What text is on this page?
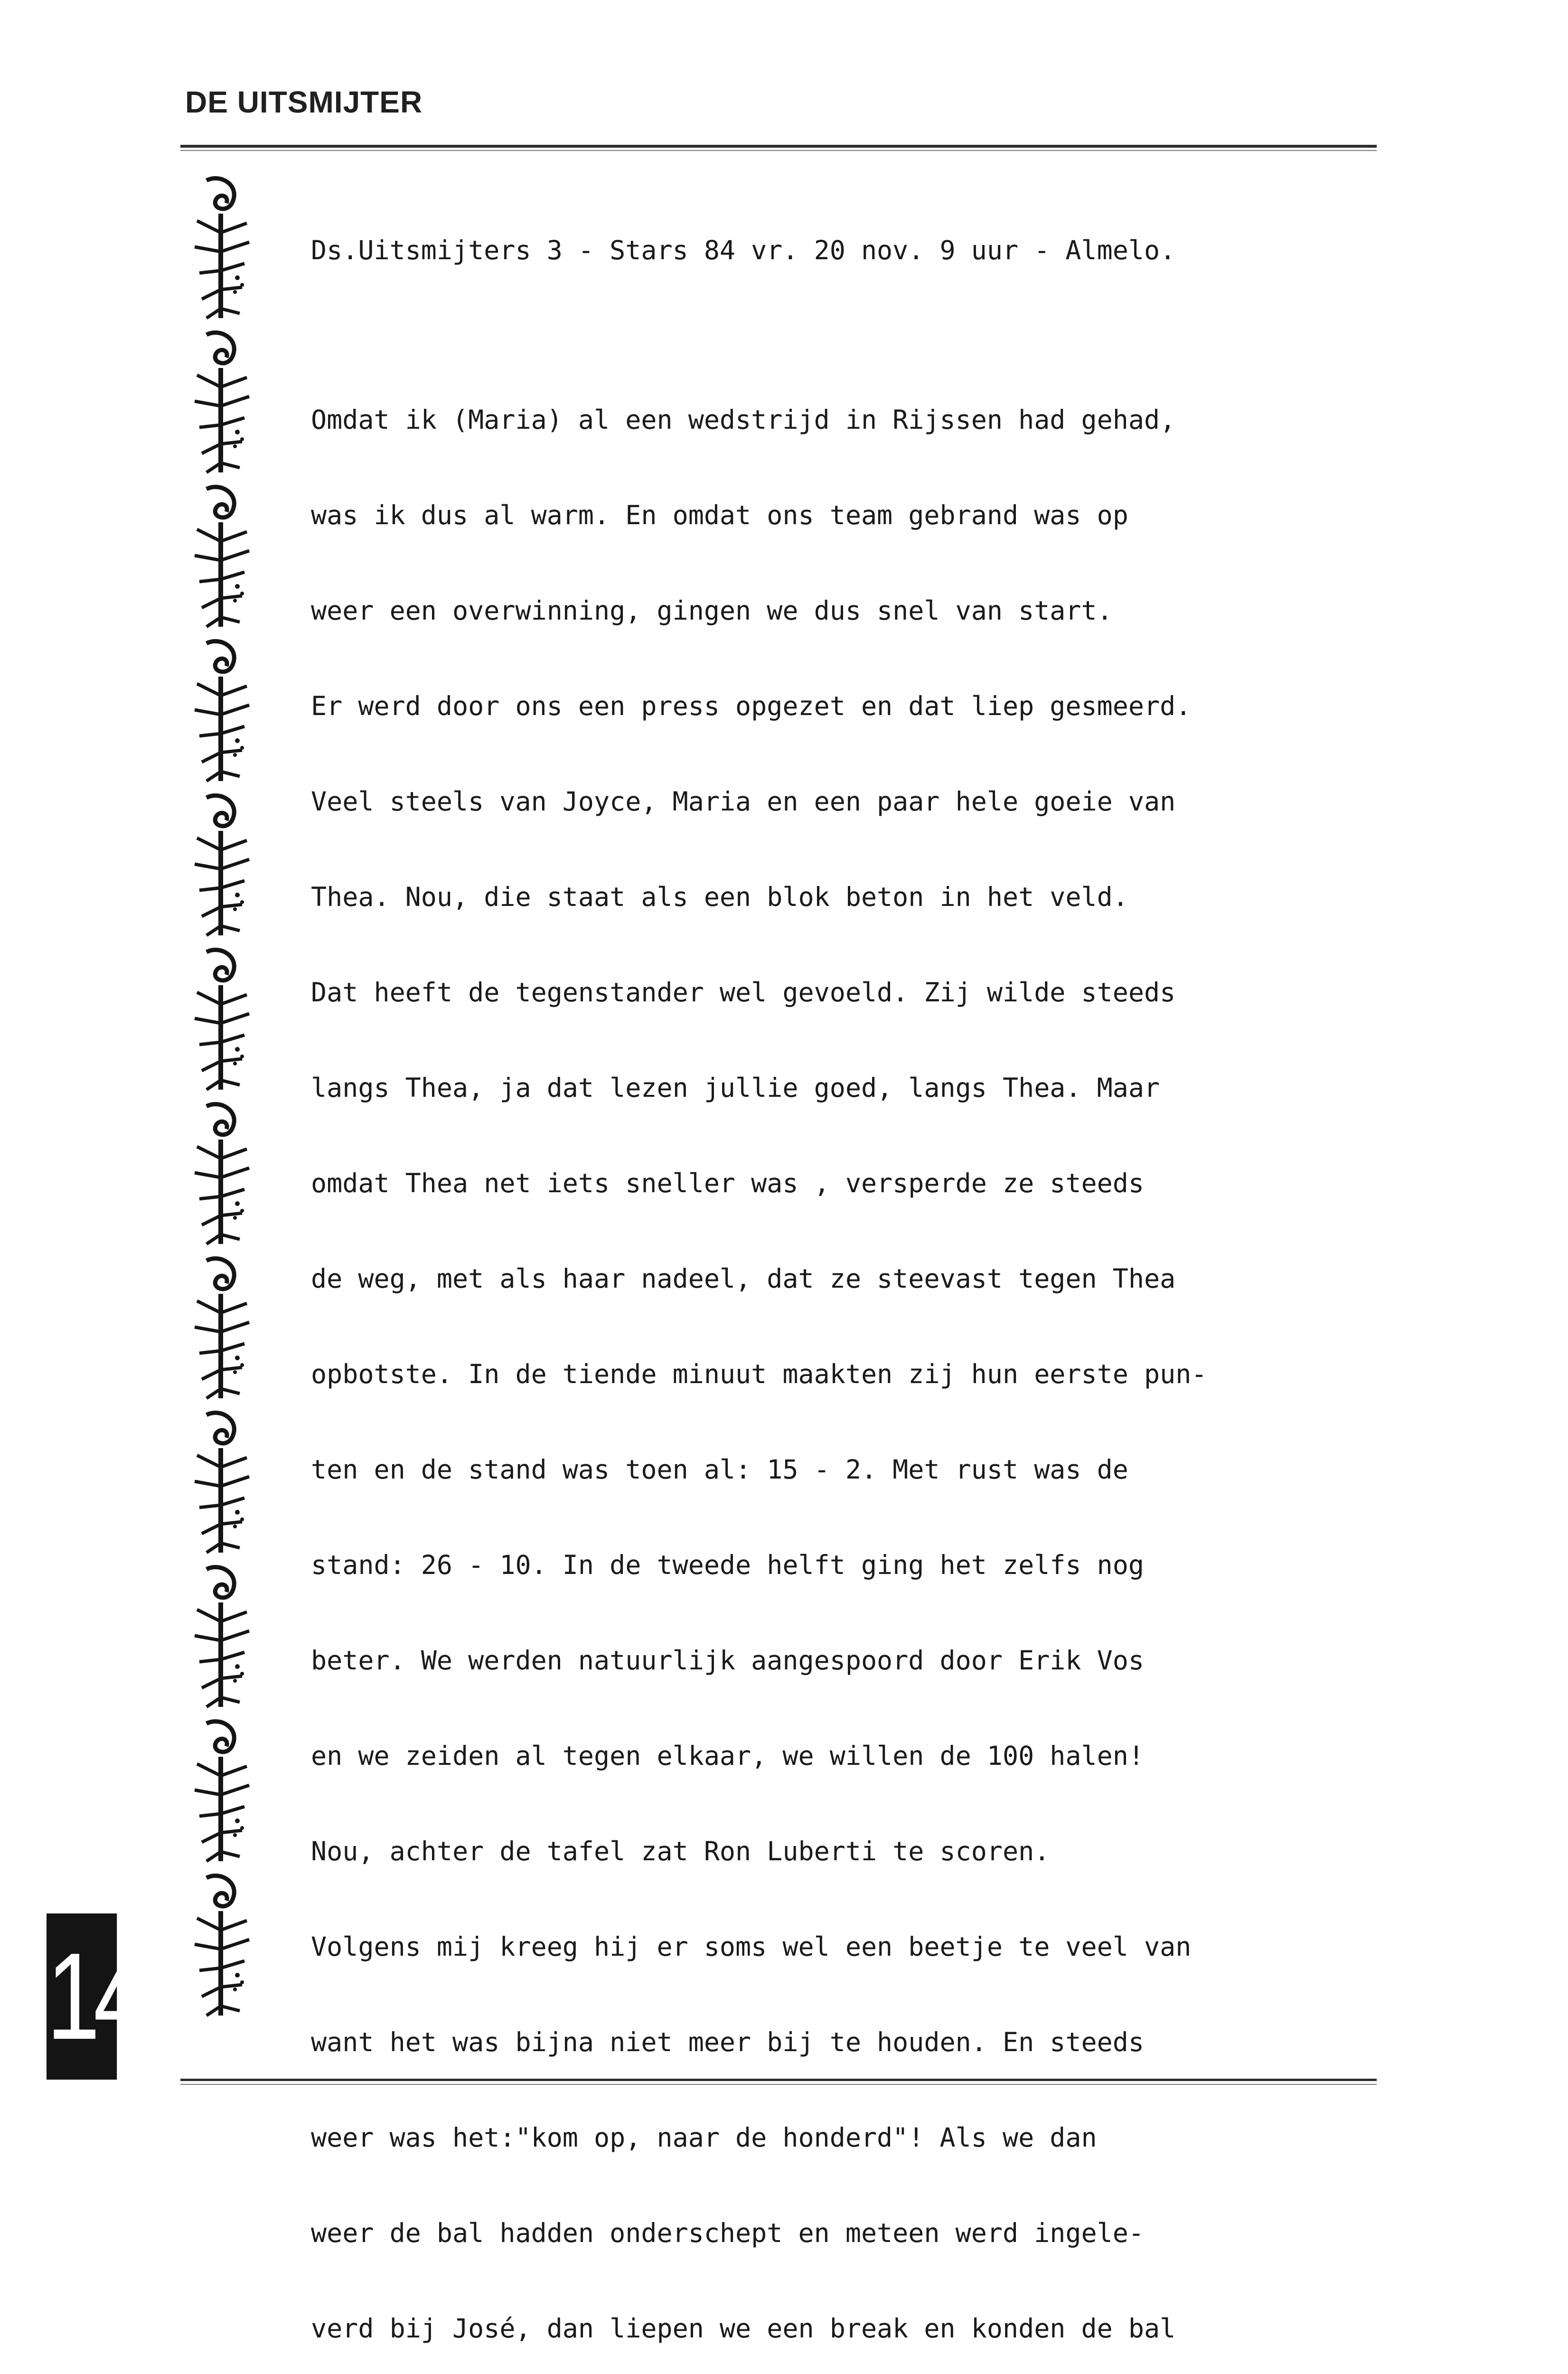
DE UITSMIJTER
14

Ds.Uitsmijters 3 - Stars 84 vr. 20 nov. 9 uur - Almelo.

Omdat ik (Maria) al een wedstrijd in Rijssen had gehad,

was ik dus al warm. En omdat ons team gebrand was op

weer een overwinning, gingen we dus snel van start.

Er werd door ons een press opgezet en dat liep gesmeerd.

Veel steels van Joyce, Maria en een paar hele goeie van

Thea. Nou, die staat als een blok beton in het veld.

Dat heeft de tegenstander wel gevoeld. Zij wilde steeds

langs Thea, ja dat lezen jullie goed, langs Thea. Maar

omdat Thea net iets sneller was , versperde ze steeds

de weg, met als haar nadeel, dat ze steevast tegen Thea

opbotste. In de tiende minuut maakten zij hun eerste pun-

ten en de stand was toen al: 15 - 2. Met rust was de

stand: 26 - 10. In de tweede helft ging het zelfs nog

beter. We werden natuurlijk aangespoord door Erik Vos

en we zeiden al tegen elkaar, we willen de 100 halen!

Nou, achter de tafel zat Ron Luberti te scoren.

Volgens mij kreeg hij er soms wel een beetje te veel van

want het was bijna niet meer bij te houden. En steeds

weer was het:"kom op, naar de honderd"! Als we dan

weer de bal hadden onderschept en meteen werd ingele-

verd bij José, dan liepen we een break en konden de bal
